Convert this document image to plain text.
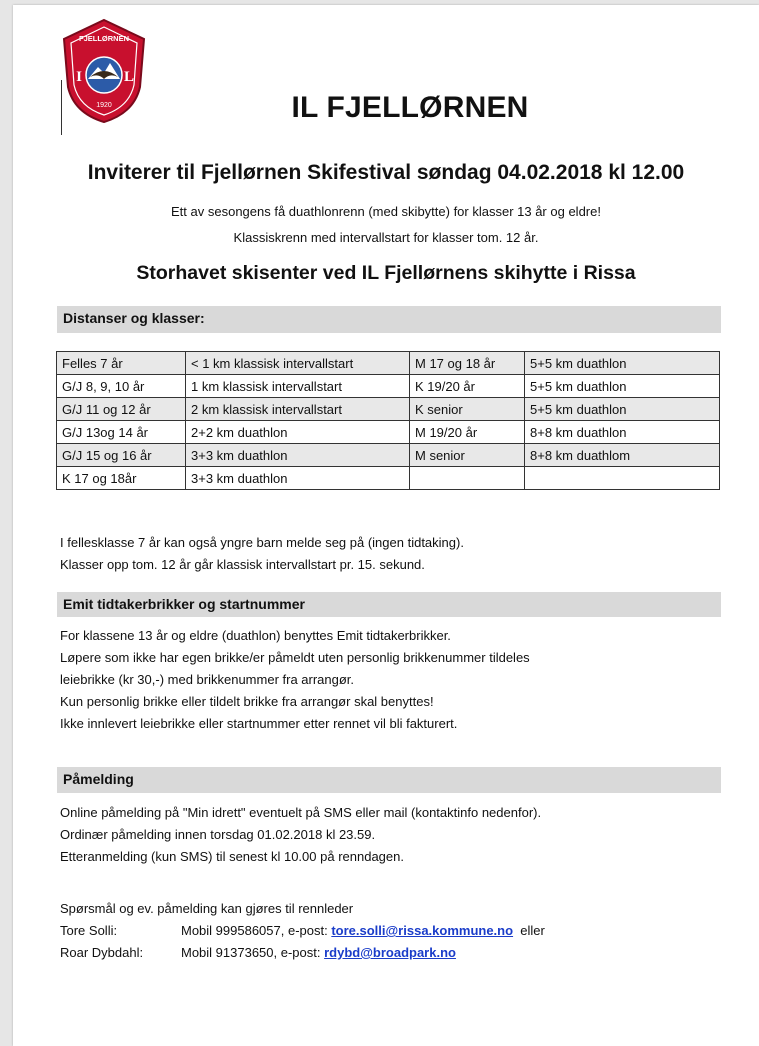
FJELLØRNEN
I	L
1920	IL FJELLØRNEN
Inviterer til Fjellørnen Skifestival søndag 04.02.2018 kl 12.00
Ett av sesongens få duathlonrenn (med skibytte) for klasser 13 år og eldre!
Klassiskrenn med intervallstart for klasser tom. 12 år.
Storhavet skisenter ved IL Fjellørnens skihytte i Rissa
Distanser og klasser:
Felles 7 år	< 1 km klassisk intervallstart	M 17 og 18 år	5+5 km duathlon
G/J 8, 9, 10 år	1 km klassisk intervallstart	K 19/20 år	5+5 km duathlon
G/J 11 og 12 år	2 km klassisk intervallstart	K senior	5+5 km duathlon
G/J 13og 14 år	2+2 km duathlon	M 19/20 år	8+8 km duathlon
G/J 15 og 16 år	3+3 km duathlon	M senior	8+8 km duathlom
K 17 og 18år	3+3 km duathlon		
I fellesklasse 7 år kan også yngre barn melde seg på (ingen tidtaking).
Klasser opp tom. 12 år går klassisk intervallstart pr. 15. sekund.
Emit tidtakerbrikker og startnummer
For klassene 13 år og eldre (duathlon) benyttes Emit tidtakerbrikker.
Løpere som ikke har egen brikke/er påmeldt uten personlig brikkenummer tildeles
leiebrikke (kr 30,-) med brikkenummer fra arrangør.
Kun personlig brikke eller tildelt brikke fra arrangør skal benyttes!
Ikke innlevert leiebrikke eller startnummer etter rennet vil bli fakturert.
Påmelding
Online påmelding på "Min idrett" eventuelt på SMS eller mail (kontaktinfo nedenfor).
Ordinær påmelding innen torsdag 01.02.2018 kl 23.59.
Etteranmelding (kun SMS) til senest kl 10.00 på renndagen.
Spørsmål og ev. påmelding kan gjøres til rennleder
Tore Solli:	Mobil 999586057, e-post: tore.solli@rissa.kommune.no  eller
Roar Dybdahl:	Mobil 91373650, e-post: rdybd@broadpark.no
